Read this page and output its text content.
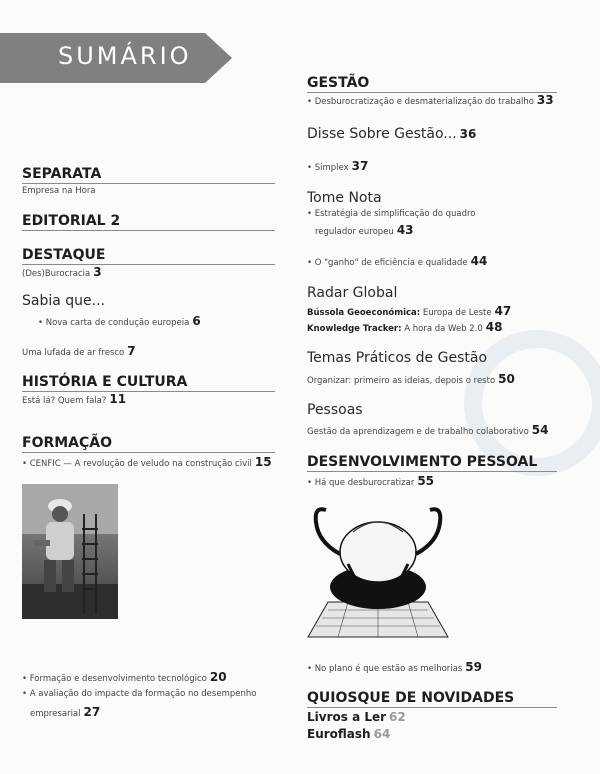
SUMÁRIO
SEPARATA
Empresa na Hora
EDITORIAL 2
DESTAQUE
(Des)Burocracia 3
Sabia que...
• Nova carta de condução europeia 6
Uma lufada de ar fresco 7
HISTÓRIA E CULTURA
Está lá? Quem fala? 11
FORMAÇÃO
• CENFIC — A revolução de veludo na construção civil 15
• Formação e desenvolvimento tecnológico 20
• A avaliação do impacte da formação no desempenho
empresarial 27
GESTÃO
• Desburocratização e desmaterialização do trabalho 33
Disse Sobre Gestão... 36
• Simplex 37
Tome Nota
• Estratégia de simplificação do quadro
regulador europeu 43
• O "ganho" de eficiência e qualidade 44
Radar Global
Bússola Geoeconómica: Europa de Leste 47
Knowledge Tracker: A hora da Web 2.0 48
Temas Práticos de Gestão
Organizar: primeiro as ideias, depois o resto 50
Pessoas
Gestão da aprendizagem e de trabalho colaborativo 54
DESENVOLVIMENTO PESSOAL
• Há que desburocratizar 55
• No plano é que estão as melhorias 59
QUIOSQUE DE NOVIDADES
Livros a Ler 62
Euroflash 64
